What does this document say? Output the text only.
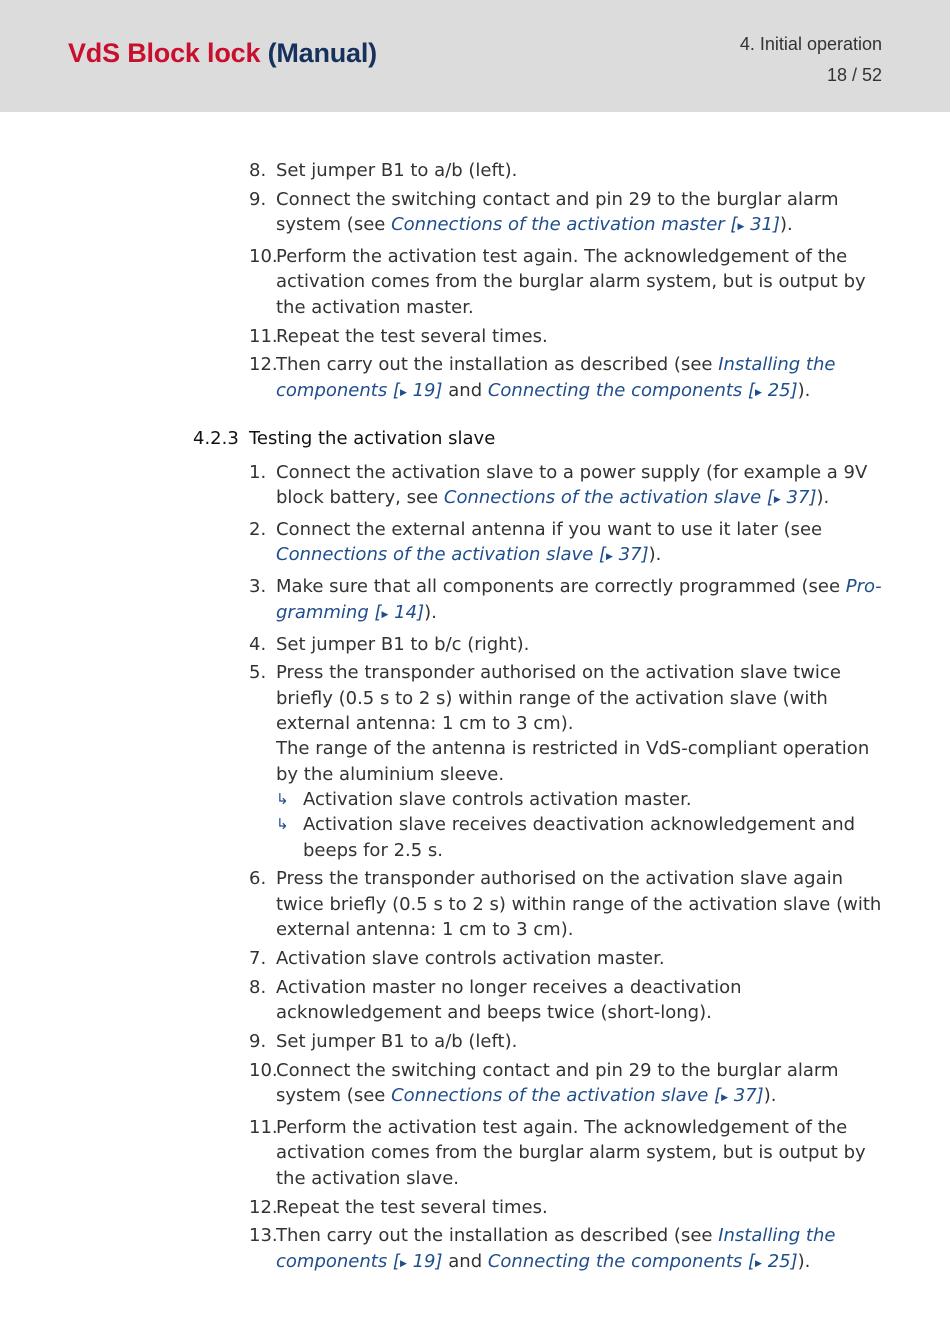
VdS Block lock (Manual)	4. Initial operation
18 / 52
8. Set jumper B1 to a/b (left).
9. Connect the switching contact and pin 29 to the burglar alarm system (see Connections of the activation master [▶ 31]).
10.
Perform the activation test again. The acknowledgement of the activation comes from the burglar alarm system, but is output by the activation master.
11.
Repeat the test several times.
12.
Then carry out the installation as described (see Installing the components [▶ 19] and Connecting the components [▶ 25]).
4.2.3 Testing the activation slave
1. Connect the activation slave to a power supply (for example a 9V block battery, see Connections of the activation slave [▶ 37]).
2. Connect the external antenna if you want to use it later (see Connections of the activation slave [▶ 37]).
3. Make sure that all components are correctly programmed (see Programming [▶ 14]).
4. Set jumper B1 to b/c (right).
5. Press the transponder authorised on the activation slave twice briefly (0.5 s to 2 s) within range of the activation slave (with external antenna: 1 cm to 3 cm).
The range of the antenna is restricted in VdS-compliant operation by the aluminium sleeve.
↳ Activation slave controls activation master.
↳ Activation slave receives deactivation acknowledgement and beeps for 2.5 s.
6. Press the transponder authorised on the activation slave again twice briefly (0.5 s to 2 s) within range of the activation slave (with external antenna: 1 cm to 3 cm).
7. Activation slave controls activation master.
8. Activation master no longer receives a deactivation acknowledgement and beeps twice (short-long).
9. Set jumper B1 to a/b (left).
10.
Connect the switching contact and pin 29 to the burglar alarm system (see Connections of the activation slave [▶ 37]).
11.
Perform the activation test again. The acknowledgement of the activation comes from the burglar alarm system, but is output by the activation slave.
12.
Repeat the test several times.
13.
Then carry out the installation as described (see Installing the components [▶ 19] and Connecting the components [▶ 25]).
